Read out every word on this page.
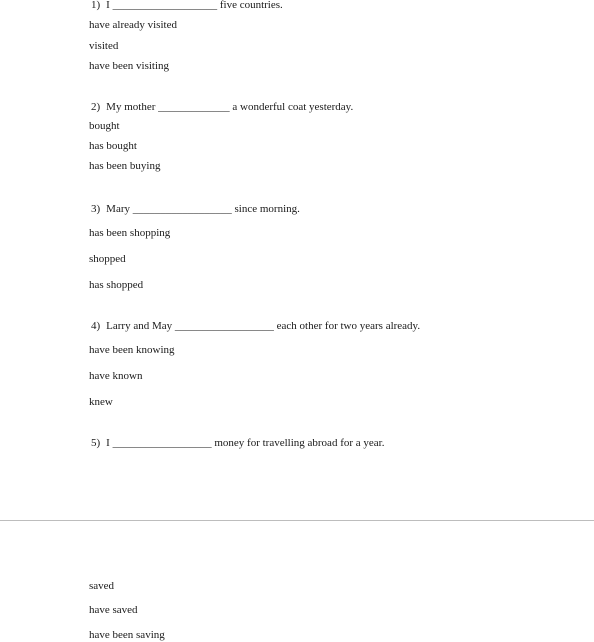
1) I ___________________ five countries.
have already visited
visited
have been visiting
2) My mother _____________ a wonderful coat yesterday.
bought
has bought
has been buying
3) Mary __________________ since morning.
has been shopping
shopped
has shopped
4) Larry and May __________________ each other for two years already.
have been knowing
have known
knew
5) I __________________ money for travelling abroad for a year.
saved
have saved
have been saving
